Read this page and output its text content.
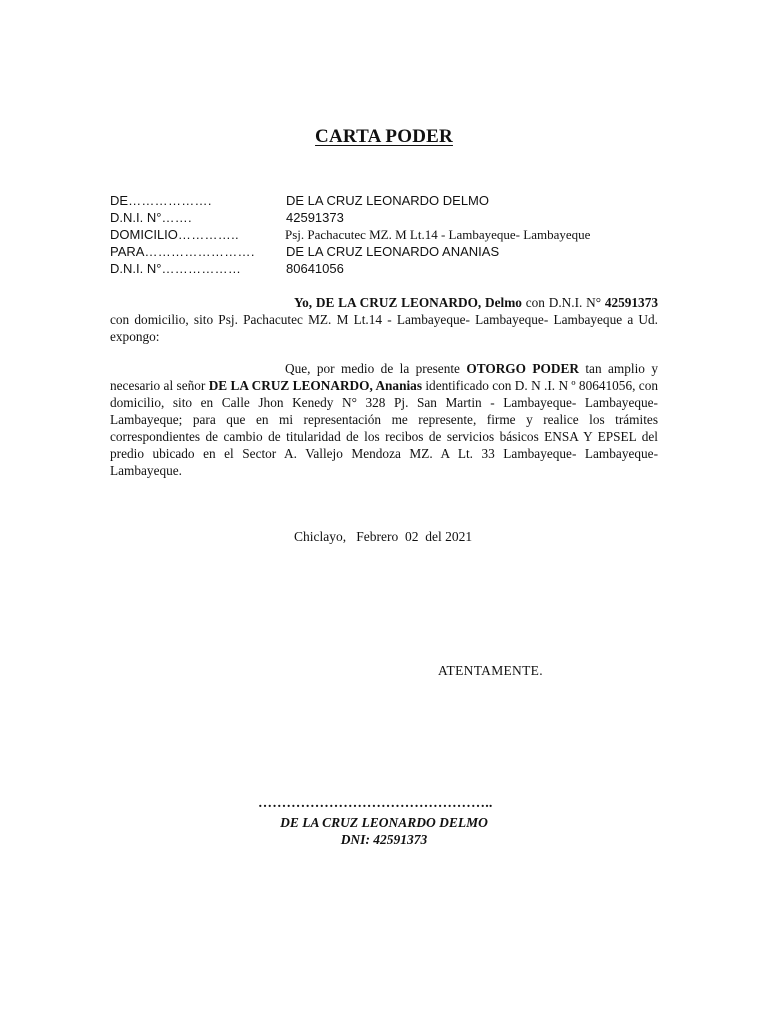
CARTA PODER
DE……………….	DE LA CRUZ LEONARDO DELMO
D.N.I. N°…….	42591373
DOMICILIO…………..	Psj. Pachacutec MZ. M Lt.14 - Lambayeque- Lambayeque
PARA……………………. DE LA CRUZ LEONARDO ANANIAS
D.N.I. N°………………	80641056
Yo, DE LA CRUZ LEONARDO, Delmo con D.N.I. N° 42591373 con domicilio, sito Psj. Pachacutec MZ. M Lt.14 - Lambayeque- Lambayeque- Lambayeque a Ud. expongo:
Que, por medio de la presente OTORGO PODER tan amplio y necesario al señor DE LA CRUZ LEONARDO, Ananias identificado con D. N .I. N º 80641056, con domicilio, sito en Calle Jhon Kenedy N° 328 Pj. San Martin - Lambayeque- Lambayeque- Lambayeque; para que en mi representación me represente, firme y realice los trámites correspondientes de cambio de titularidad de los recibos de servicios básicos ENSA Y EPSEL del predio ubicado en el Sector A. Vallejo Mendoza MZ. A Lt. 33 Lambayeque- Lambayeque- Lambayeque.
Chiclayo,   Febrero  02  del 2021
ATENTAMENTE.
…………………………………………..
DE LA CRUZ LEONARDO DELMO
DNI: 42591373
